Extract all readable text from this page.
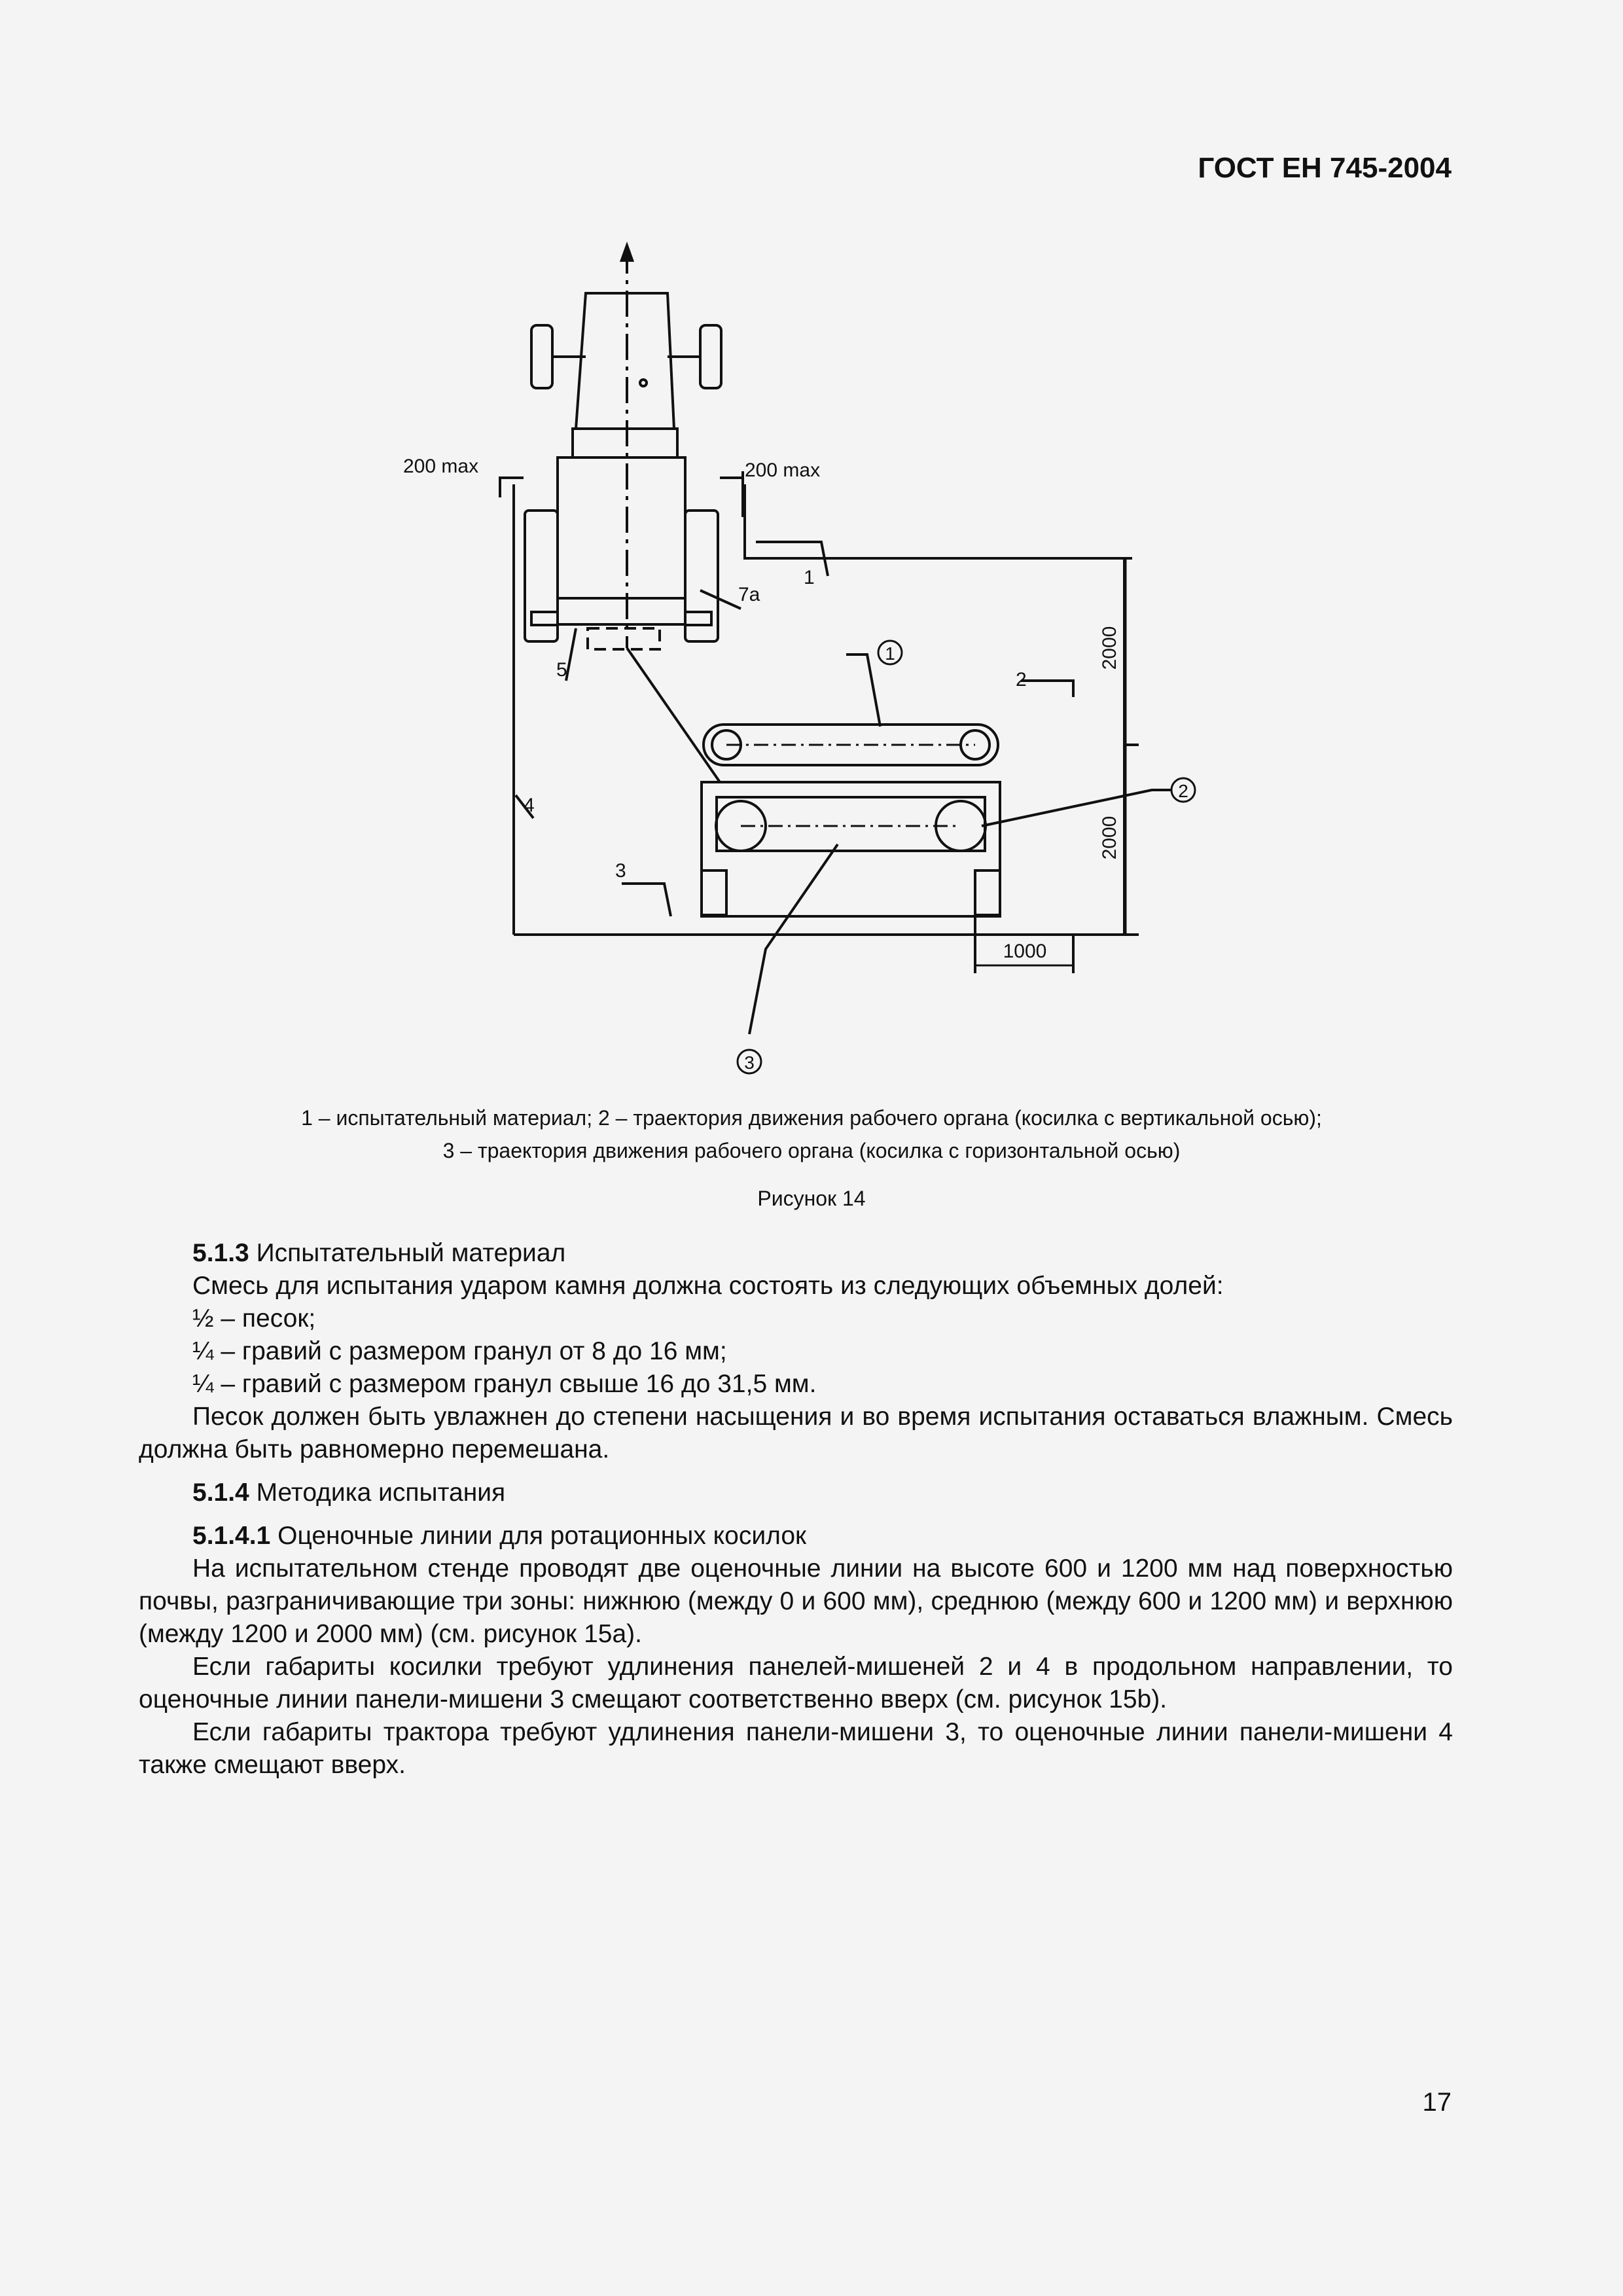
ГОСТ ЕН 745-2004
200 max	200 max
1
7a
5	2
4
3
1
2
3
2000
2000
1000
1 – испытательный материал; 2 – траектория движения рабочего органа (косилка с вертикальной осью);
3 – траектория движения рабочего органа (косилка с горизонтальной осью)
Рисунок 14

5.1.3 Испытательный материал

Смесь для испытания ударом камня должна состоять из следующих объемных долей:

½ – песок;

¼ – гравий с размером гранул от 8 до 16 мм;

¼ – гравий с размером гранул свыше 16 до 31,5 мм.

Песок должен быть увлажнен до степени насыщения и во время испытания оставаться влажным. Смесь должна быть равномерно перемешана.

5.1.4 Методика испытания

5.1.4.1 Оценочные линии для ротационных косилок

На испытательном стенде проводят две оценочные линии на высоте 600 и 1200 мм над поверхностью почвы, разграничивающие три зоны: нижнюю (между 0 и 600 мм), среднюю (между 600 и 1200 мм) и верхнюю (между 1200 и 2000 мм) (см. рисунок 15a).

Если габариты косилки требуют удлинения панелей-мишеней 2 и 4 в продольном направлении, то оценочные линии панели-мишени 3 смещают соответственно вверх (см. рисунок 15b).

Если габариты трактора требуют удлинения панели-мишени 3, то оценочные линии панели-мишени 4 также смещают вверх.

17
